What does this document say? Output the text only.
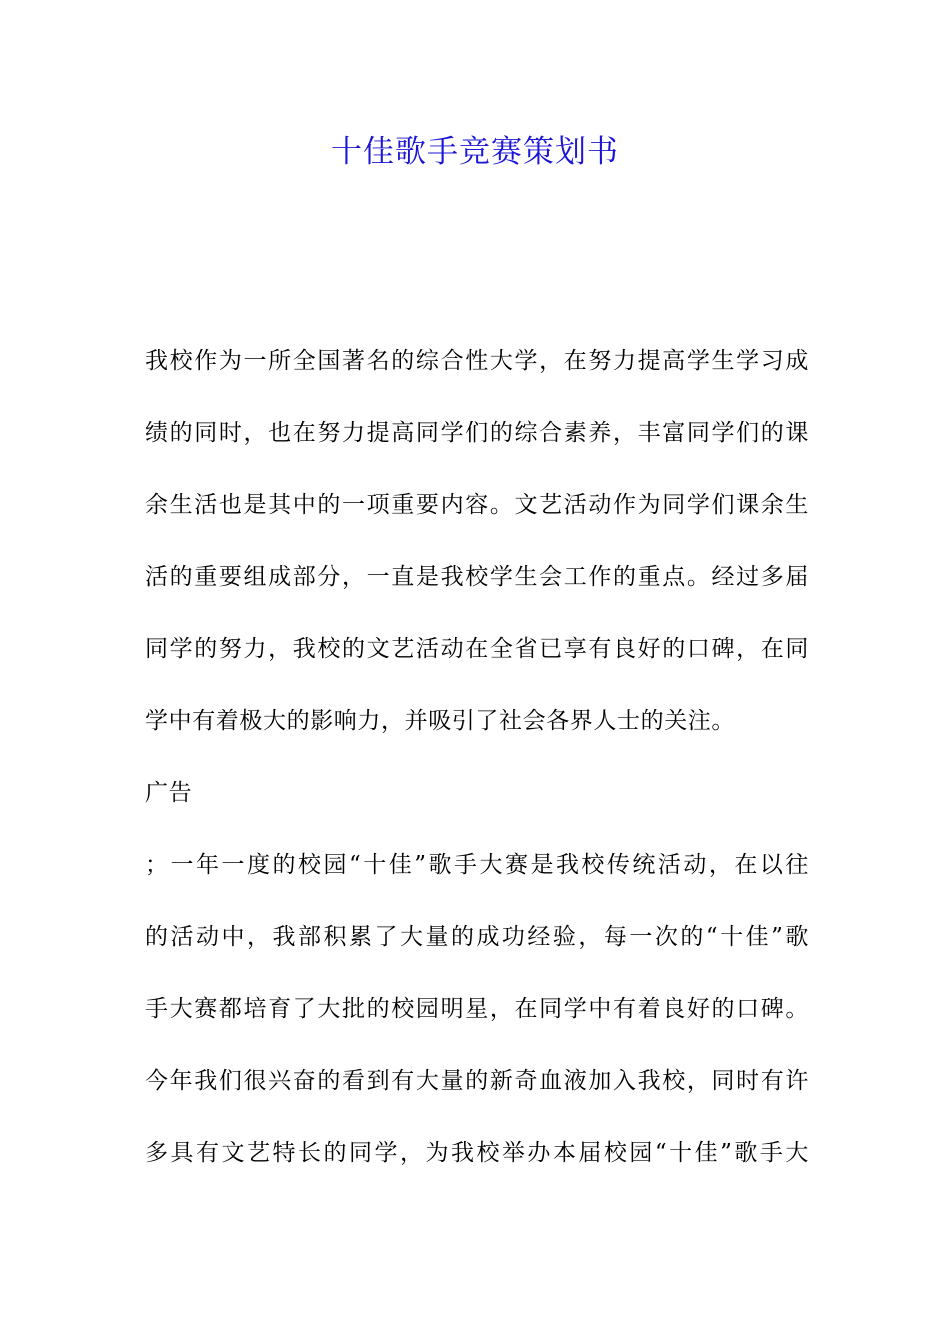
十佳歌手竞赛策划书
我校作为一所全国著名的综合性大学，在努力提高学生学习成
绩的同时，也在努力提高同学们的综合素养，丰富同学们的课
余生活也是其中的一项重要内容。文艺活动作为同学们课余生
活的重要组成部分，一直是我校学生会工作的重点。经过多届
同学的努力，我校的文艺活动在全省已享有良好的口碑，在同
学中有着极大的影响力，并吸引了社会各界人士的关注。
广告
；一年一度的校园“十佳”歌手大赛是我校传统活动，在以往
的活动中，我部积累了大量的成功经验，每一次的“十佳”歌
手大赛都培育了大批的校园明星，在同学中有着良好的口碑。
今年我们很兴奋的看到有大量的新奇血液加入我校，同时有许
多具有文艺特长的同学，为我校举办本届校园“十佳”歌手大
